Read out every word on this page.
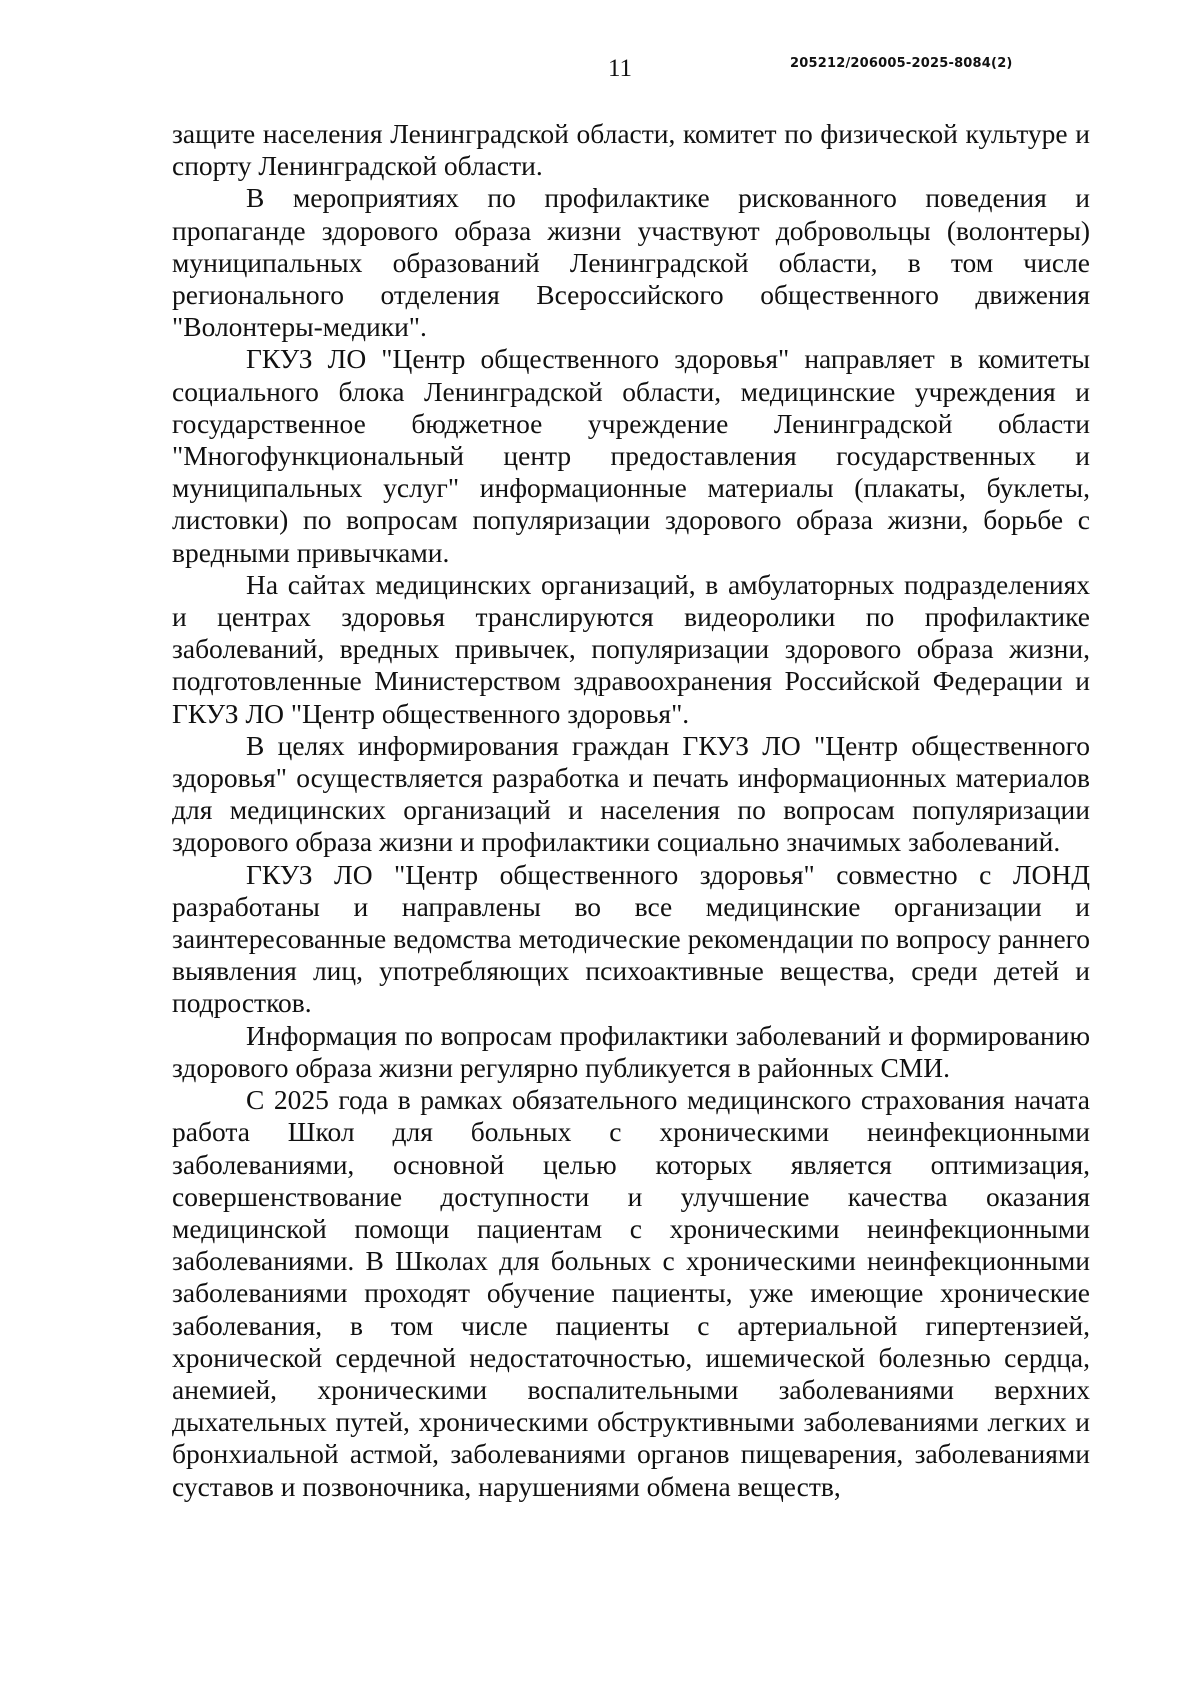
11	205212/206005-2025-8084(2)

защите населения Ленинградской области, комитет по физической культуре и спорту Ленинградской области.

В мероприятиях по профилактике рискованного поведения и пропаганде здорового образа жизни участвуют добровольцы (волонтеры) муниципальных образований Ленинградской области, в том числе регионального отделения Всероссийского общественного движения "Волонтеры-медики".

ГКУЗ ЛО "Центр общественного здоровья" направляет в комитеты социального блока Ленинградской области, медицинские учреждения и государственное бюджетное учреждение Ленинградской области "Многофункциональный центр предоставления государственных и муниципальных услуг" информационные материалы (плакаты, буклеты, листовки) по вопросам популяризации здорового образа жизни, борьбе с вредными привычками.

На сайтах медицинских организаций, в амбулаторных подразделениях и центрах здоровья транслируются видеоролики по профилактике заболеваний, вредных привычек, популяризации здорового образа жизни, подготовленные Министерством здравоохранения Российской Федерации и ГКУЗ ЛО "Центр общественного здоровья".

В целях информирования граждан ГКУЗ ЛО "Центр общественного здоровья" осуществляется разработка и печать информационных материалов для медицинских организаций и населения по вопросам популяризации здорового образа жизни и профилактики социально значимых заболеваний.

ГКУЗ ЛО "Центр общественного здоровья" совместно с ЛОНД разработаны и направлены во все медицинские организации и заинтересованные ведомства методические рекомендации по вопросу раннего выявления лиц, употребляющих психоактивные вещества, среди детей и подростков.

Информация по вопросам профилактики заболеваний и формированию здорового образа жизни регулярно публикуется в районных СМИ.

С 2025 года в рамках обязательного медицинского страхования начата работа Школ для больных с хроническими неинфекционными заболеваниями, основной целью которых является оптимизация, совершенствование доступности и улучшение качества оказания медицинской помощи пациентам с хроническими неинфекционными заболеваниями. В Школах для больных с хроническими неинфекционными заболеваниями проходят обучение пациенты, уже имеющие хронические заболевания, в том числе пациенты с артериальной гипертензией, хронической сердечной недостаточностью, ишемической болезнью сердца, анемией, хроническими воспалительными заболеваниями верхних дыхательных путей, хроническими обструктивными заболеваниями легких и бронхиальной астмой, заболеваниями органов пищеварения, заболеваниями суставов и позвоночника, нарушениями обмена веществ,
